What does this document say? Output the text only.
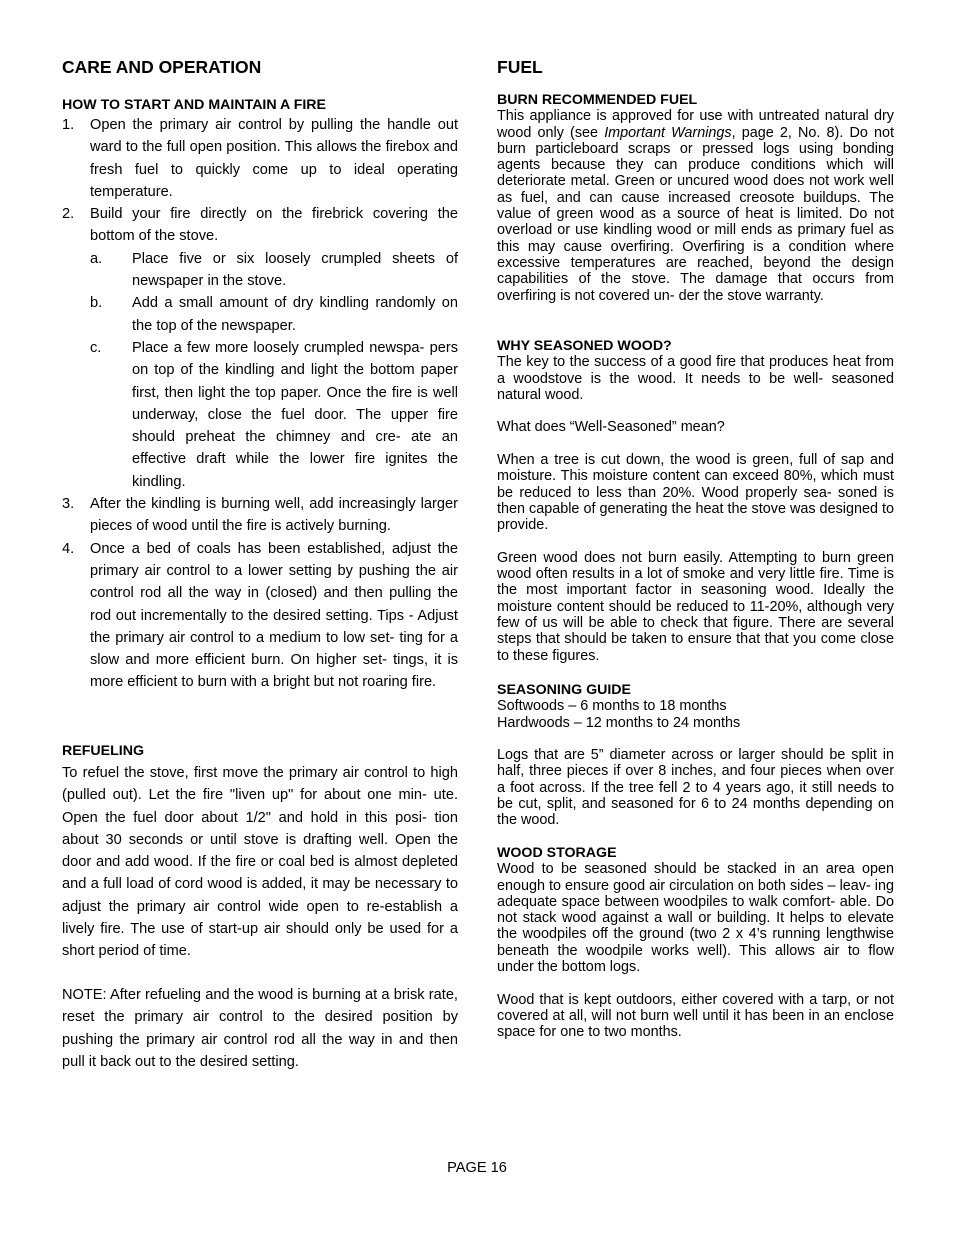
CARE AND OPERATION
HOW TO START AND MAINTAIN A FIRE
1. Open the primary air control by pulling the handle out ward to the full open position. This allows the firebox and fresh fuel to quickly come up to ideal operating temperature.
2. Build your fire directly on the firebrick covering the bottom of the stove.
a. Place five or six loosely crumpled sheets of newspaper in the stove.
b. Add a small amount of dry kindling randomly on the top of the newspaper.
c. Place a few more loosely crumpled newspa- pers on top of the kindling and light the bottom paper first, then light the top paper. Once the fire is well underway, close the fuel door. The upper fire should preheat the chimney and cre- ate an effective draft while the lower fire ignites the kindling.
3. After the kindling is burning well, add increasingly larger pieces of wood until the fire is actively burning.
4. Once a bed of coals has been established, adjust the primary air control to a lower setting by pushing the air control rod all the way in (closed) and then pulling the rod out incrementally to the desired setting. Tips - Adjust the primary air control to a medium to low set- ting for a slow and more efficient burn. On higher set- tings, it is more efficient to burn with a bright but not roaring fire.
REFUELING

To refuel the stove, first move the primary air control to high (pulled out). Let the fire "liven up" for about one min- ute. Open the fuel door about 1/2" and hold in this posi- tion about 30 seconds or until stove is drafting well. Open the door and add wood. If the fire or coal bed is almost depleted and a full load of cord wood is added, it may be necessary to adjust the primary air control wide open to re-establish a lively fire. The use of start-up air should only be used for a short period of time.

NOTE: After refueling and the wood is burning at a brisk rate, reset the primary air control to the desired position by pushing the primary air control rod all the way in and then pull it back out to the desired setting.

FUEL
BURN RECOMMENDED FUEL

This appliance is approved for use with untreated natural dry wood only (see Important Warnings, page 2, No. 8). Do not burn particleboard scraps or pressed logs using bonding agents because they can produce conditions which will deteriorate metal. Green or uncured wood does not work well as fuel, and can cause increased creosote buildups. The value of green wood as a source of heat is limited. Do not overload or use kindling wood or mill ends as primary fuel as this may cause overfiring. Overfiring is a condition where excessive temperatures are reached, beyond the design capabilities of the stove. The damage that occurs from overfiring is not covered un- der the stove warranty.

WHY SEASONED WOOD?

The key to the success of a good fire that produces heat from a woodstove is the wood. It needs to be well- seasoned natural wood.

What does “Well-Seasoned” mean?

When a tree is cut down, the wood is green, full of sap and moisture. This moisture content can exceed 80%, which must be reduced to less than 20%. Wood properly sea- soned is then capable of generating the heat the stove was designed to provide.

Green wood does not burn easily. Attempting to burn green wood often results in a lot of smoke and very little fire. Time is the most important factor in seasoning wood. Ideally the moisture content should be reduced to 11-20%, although very few of us will be able to check that figure. There are several steps that should be taken to ensure that that you come close to these figures.

SEASONING GUIDE

Softwoods – 6 months to 18 months

Hardwoods – 12 months to 24 months

Logs that are 5” diameter across or larger should be split in half, three pieces if over 8 inches, and four pieces when over a foot across. If the tree fell 2 to 4 years ago, it still needs to be cut, split, and seasoned for 6 to 24 months depending on the wood.

WOOD STORAGE

Wood to be seasoned should be stacked in an area open enough to ensure good air circulation on both sides – leav- ing adequate space between woodpiles to walk comfort- able. Do not stack wood against a wall or building. It helps to elevate the woodpiles off the ground (two 2 x 4’s running lengthwise beneath the woodpile works well). This allows air to flow under the bottom logs.

Wood that is kept outdoors, either covered with a tarp, or not covered at all, will not burn well until it has been in an enclose space for one to two months.

PAGE 16
